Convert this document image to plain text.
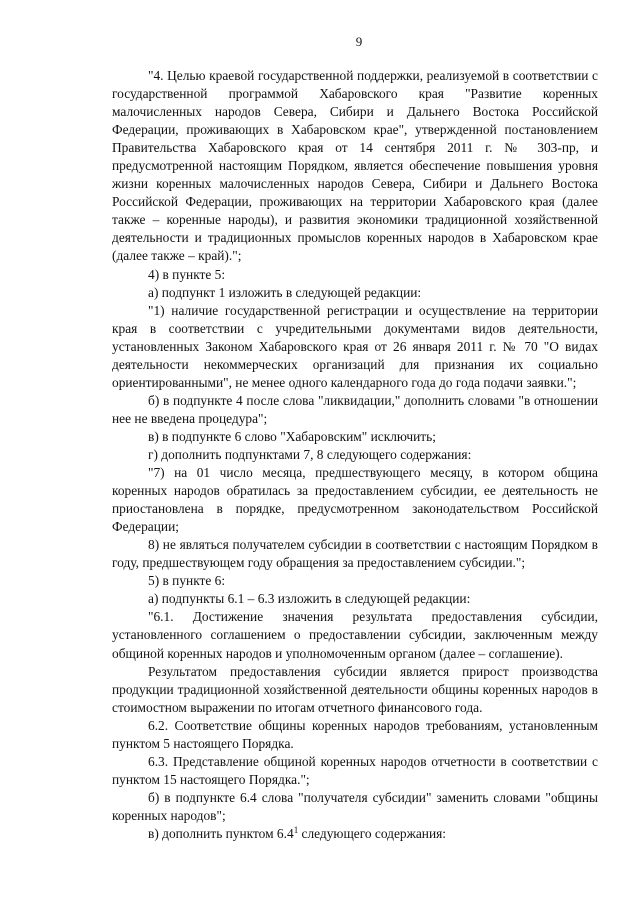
9

"4. Целью краевой государственной поддержки, реализуемой в соответствии с государственной программой Хабаровского края "Развитие коренных малочисленных народов Севера, Сибири и Дальнего Востока Российской Федерации, проживающих в Хабаровском крае", утвержденной постановлением Правительства Хабаровского края от 14 сентября 2011 г. № 303-пр, и предусмотренной настоящим Порядком, является обеспечение повышения уровня жизни коренных малочисленных народов Севера, Сибири и Дальнего Востока Российской Федерации, проживающих на территории Хабаровского края (далее также – коренные народы), и развития экономики традиционной хозяйственной деятельности и традиционных промыслов коренных народов в Хабаровском крае (далее также – край).";

4) в пункте 5:

а) подпункт 1 изложить в следующей редакции:

"1) наличие государственной регистрации и осуществление на территории края в соответствии с учредительными документами видов деятельности, установленных Законом Хабаровского края от 26 января 2011 г. № 70 "О видах деятельности некоммерческих организаций для признания их социально ориентированными", не менее одного календарного года до года подачи заявки.";

б) в подпункте 4 после слова "ликвидации," дополнить словами "в отношении нее не введена процедура";

в) в подпункте 6 слово "Хабаровским" исключить;

г) дополнить подпунктами 7, 8 следующего содержания:

"7) на 01 число месяца, предшествующего месяцу, в котором община коренных народов обратилась за предоставлением субсидии, ее деятельность не приостановлена в порядке, предусмотренном законодательством Российской Федерации;

8) не являться получателем субсидии в соответствии с настоящим Порядком в году, предшествующем году обращения за предоставлением субсидии.";

5) в пункте 6:

а) подпункты 6.1 – 6.3 изложить в следующей редакции:

"6.1. Достижение значения результата предоставления субсидии, установленного соглашением о предоставлении субсидии, заключенным между общиной коренных народов и уполномоченным органом (далее – соглашение).

Результатом предоставления субсидии является прирост производства продукции традиционной хозяйственной деятельности общины коренных народов в стоимостном выражении по итогам отчетного финансового года.

6.2. Соответствие общины коренных народов требованиям, установленным пунктом 5 настоящего Порядка.

6.3. Представление общиной коренных народов отчетности в соответствии с пунктом 15 настоящего Порядка.";

б) в подпункте 6.4 слова "получателя субсидии" заменить словами "общины коренных народов";

в) дополнить пунктом $6.4^1$ следующего содержания:
